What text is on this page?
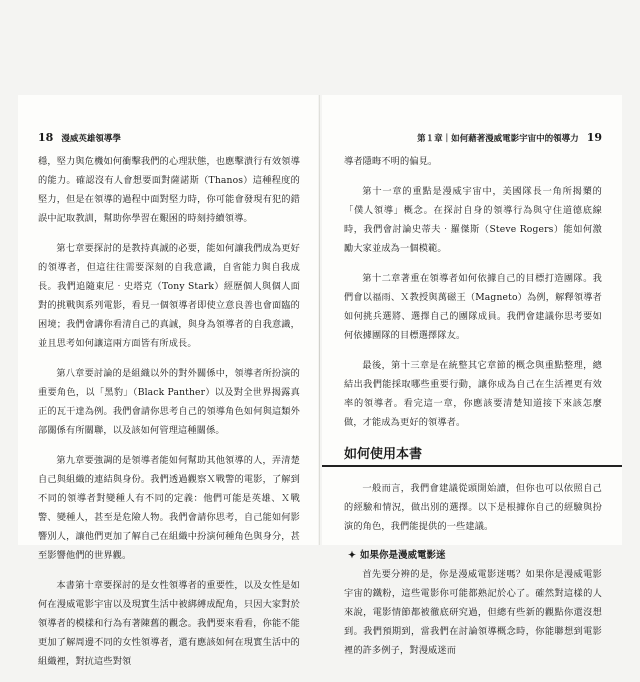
18 漫威英雄領導學

穩，堅力與危機如何衝擊我們的心理狀態，也應擊潰行有效領導的能力。確認沒有人會想要面對薩諾斯（Thanos）這種程度的堅力，但是在領導的過程中面對堅力時，你可能會發現有犯的錯誤中記取教訓，幫助你學習在艱困的時刻持續領導。

第七章要探討的是教持真誠的必要，能如何讓我們成為更好的領導者，但這往往需要深刻的自我意識，自省能力與自我成長。我們追隨東尼‧史塔克（Tony Stark）經歷個人與個人面對的挑戰與系列電影，看見一個領導者即使立意良善也會面臨的困境；我們會講你看清自己的真誠，與身為領導者的自我意識，並且思考如何讓這兩方面皆有所成長。

第八章要討論的是組織以外的對外關係中，領導者所扮演的重要角色，以「黑豹」（Black Panther）以及對全世界揭露真正的瓦干達為例。我們會請你思考自己的領導角色如何與這類外部關係有所關聯，以及該如何管理這種關係。

第九章要強調的是領導者能如何幫助其他領導的人，弄清楚自己與組織的連結與身份。我們透過觀察Ｘ戰警的電影，了解到不同的領導者對變種人有不同的定義：他們可能是英雄、Ｘ戰警、變種人，甚至是危險人物。我們會請你思考，自己能如何影響別人，讓他們更加了解自己在組織中扮演何種角色與身分，甚至影響他們的世界觀。

本書第十章要探討的是女性領導者的重要性，以及女性是如何在漫威電影宇宙以及現實生活中被綁縛成配角，只因大家對於領導者的模樣和行為有著陳舊的觀念。我們要來看看，你能不能更加了解周邊不同的女性領導者，還有應該如何在現實生活中的組織裡，對抗這些對領

第１章｜如何藉著漫威電影宇宙中的領導力 19

導者隱晦不明的偏見。

第十一章的重點是漫威宇宙中，美國隊長一角所揭櫫的「僕人領導」概念。在探討自身的領導行為與守住道德底線時，我們會討論史蒂夫‧羅傑斯（Steve Rogers）能如何激勵大家並成為一個模範。

第十二章著重在領導者如何依據自己的目標打造團隊。我們會以福雨、Ｘ教授與萬磁王（Magneto）為例，解釋領導者如何挑兵選將、選擇自己的團隊成員。我們會建議你思考要如何依據團隊的目標選擇隊友。

最後，第十三章是在統整其它章節的概念與重點整理，總結出我們能採取哪些重要行動，讓你成為自己在生活裡更有效率的領導者。看完這一章，你應該要清楚知道接下來該怎麼做，才能成為更好的領導者。

如何使用本書

一般而言，我們會建議從頭開始讀，但你也可以依照自己的經驗和情況，做出別的選擇。以下是根據你自己的經驗與扮演的角色，我們能提供的一些建議。

✦ 如果你是漫威電影迷

首先要分辨的是，你是漫威電影迷嗎？如果你是漫威電影宇宙的鐵粉，這些電影你可能都熟記於心了。確然對這樣的人來說，電影情節都被徹底研究過，但總有些新的觀點你還沒想到。我們預期到，當我們在討論領導概念時，你能聯想到電影裡的許多例子，對漫威迷而
